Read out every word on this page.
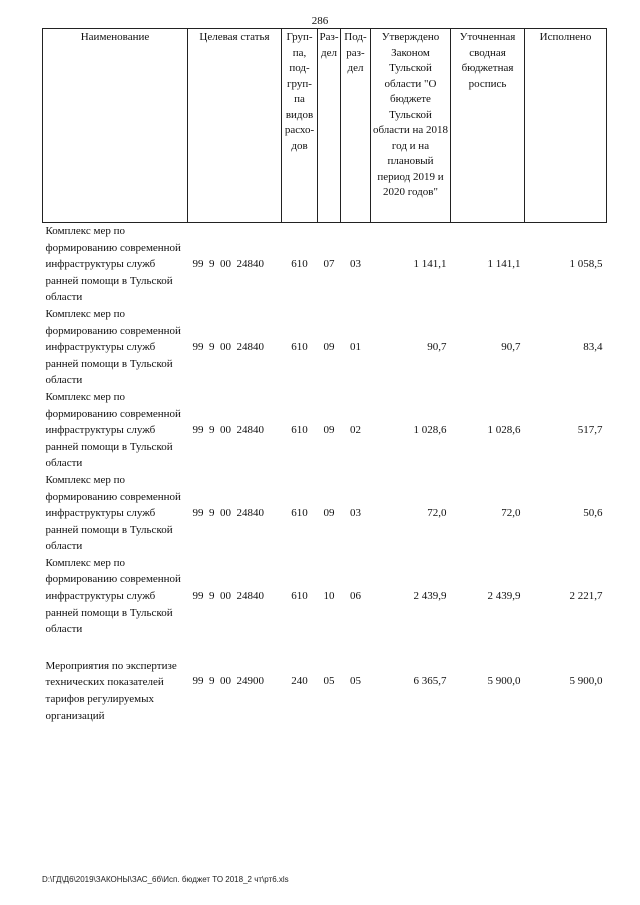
286
Наименование	Целевая статья	Груп-па, под-груп-па видов расхо-дов	Раз-дел	Под-раз-дел	Утверждено Законом Тульской области "О бюджете Тульской области на 2018 год и на плановый период 2019 и 2020 годов"	Уточненная сводная бюджетная роспись	Исполнено
Комплекс мер по формированию современной инфраструктуры служб ранней помощи в Тульской области	99  9  00  24840	610	07	03	1 141,1	1 141,1	1 058,5
Комплекс мер по формированию современной инфраструктуры служб ранней помощи в Тульской области	99  9  00  24840	610	09	01	90,7	90,7	83,4
Комплекс мер по формированию современной инфраструктуры служб ранней помощи в Тульской области	99  9  00  24840	610	09	02	1 028,6	1 028,6	517,7
Комплекс мер по формированию современной инфраструктуры служб ранней помощи в Тульской области	99  9  00  24840	610	09	03	72,0	72,0	50,6
Комплекс мер по формированию современной инфраструктуры служб ранней помощи в Тульской области	99  9  00  24840	610	10	06	2 439,9	2 439,9	2 221,7
Мероприятия по экспертизе технических показателей тарифов регулируемых организаций	99  9  00  24900	240	05	05	6 365,7	5 900,0	5 900,0
D:\ГД\Д6\2019\ЗАКОНЫ\ЗАС_6б\Исп. бюджет ТО 2018_2 чт\рт6.xls
